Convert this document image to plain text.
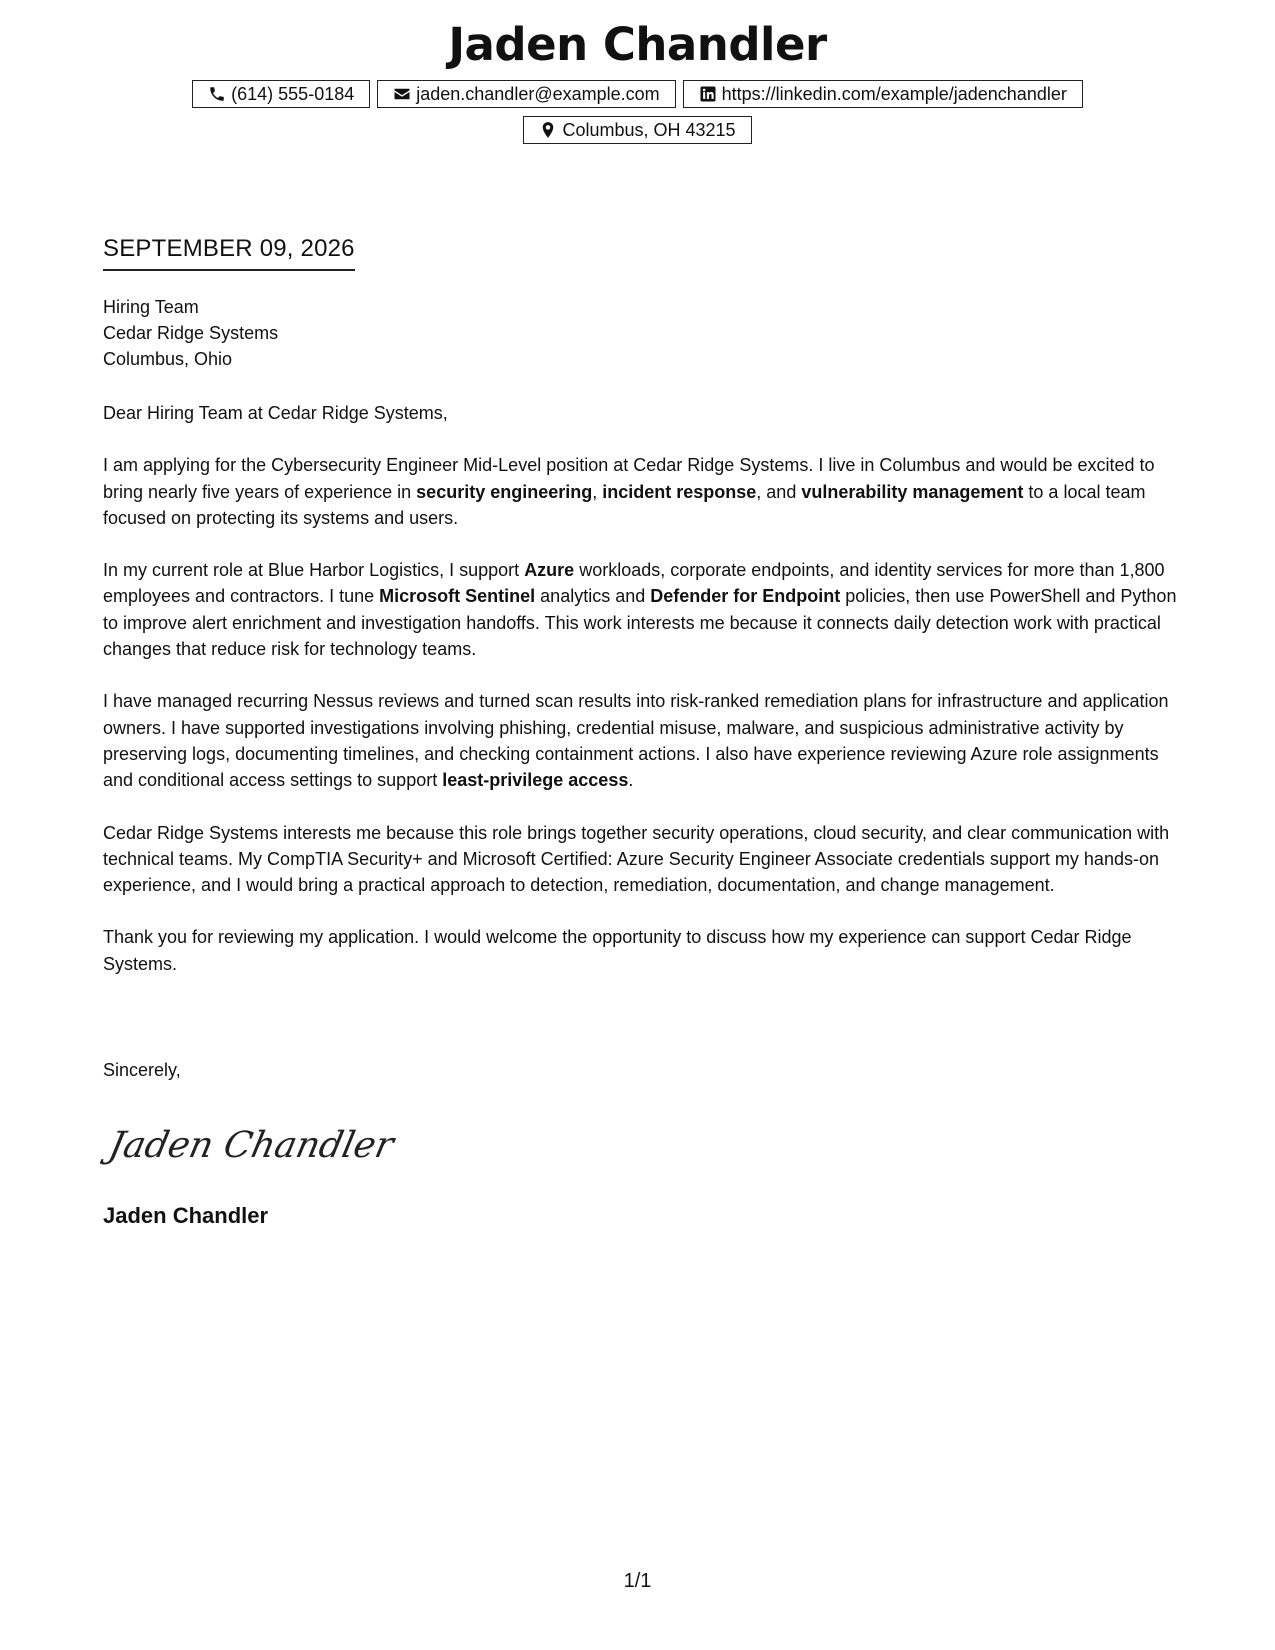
Jaden Chandler
(614) 555-0184	jaden.chandler@example.com	https://linkedin.com/example/jadenchandler
Columbus, OH 43215
SEPTEMBER 09, 2026
Hiring Team
Cedar Ridge Systems
Columbus, Ohio

Dear Hiring Team at Cedar Ridge Systems,

I am applying for the Cybersecurity Engineer Mid-Level position at Cedar Ridge Systems. I live in Columbus and would be excited to bring nearly five years of experience in security engineering, incident response, and vulnerability management to a local team focused on protecting its systems and users.

In my current role at Blue Harbor Logistics, I support Azure workloads, corporate endpoints, and identity services for more than 1,800 employees and contractors. I tune Microsoft Sentinel analytics and Defender for Endpoint policies, then use PowerShell and Python to improve alert enrichment and investigation handoffs. This work interests me because it connects daily detection work with practical changes that reduce risk for technology teams.

I have managed recurring Nessus reviews and turned scan results into risk-ranked remediation plans for infrastructure and application owners. I have supported investigations involving phishing, credential misuse, malware, and suspicious administrative activity by preserving logs, documenting timelines, and checking containment actions. I also have experience reviewing Azure role assignments and conditional access settings to support least-privilege access.

Cedar Ridge Systems interests me because this role brings together security operations, cloud security, and clear communication with technical teams. My CompTIA Security+ and Microsoft Certified: Azure Security Engineer Associate credentials support my hands-on experience, and I would bring a practical approach to detection, remediation, documentation, and change management.

Thank you for reviewing my application. I would welcome the opportunity to discuss how my experience can support Cedar Ridge Systems.

Sincerely,

Jaden Chandler

Jaden Chandler

1/1
